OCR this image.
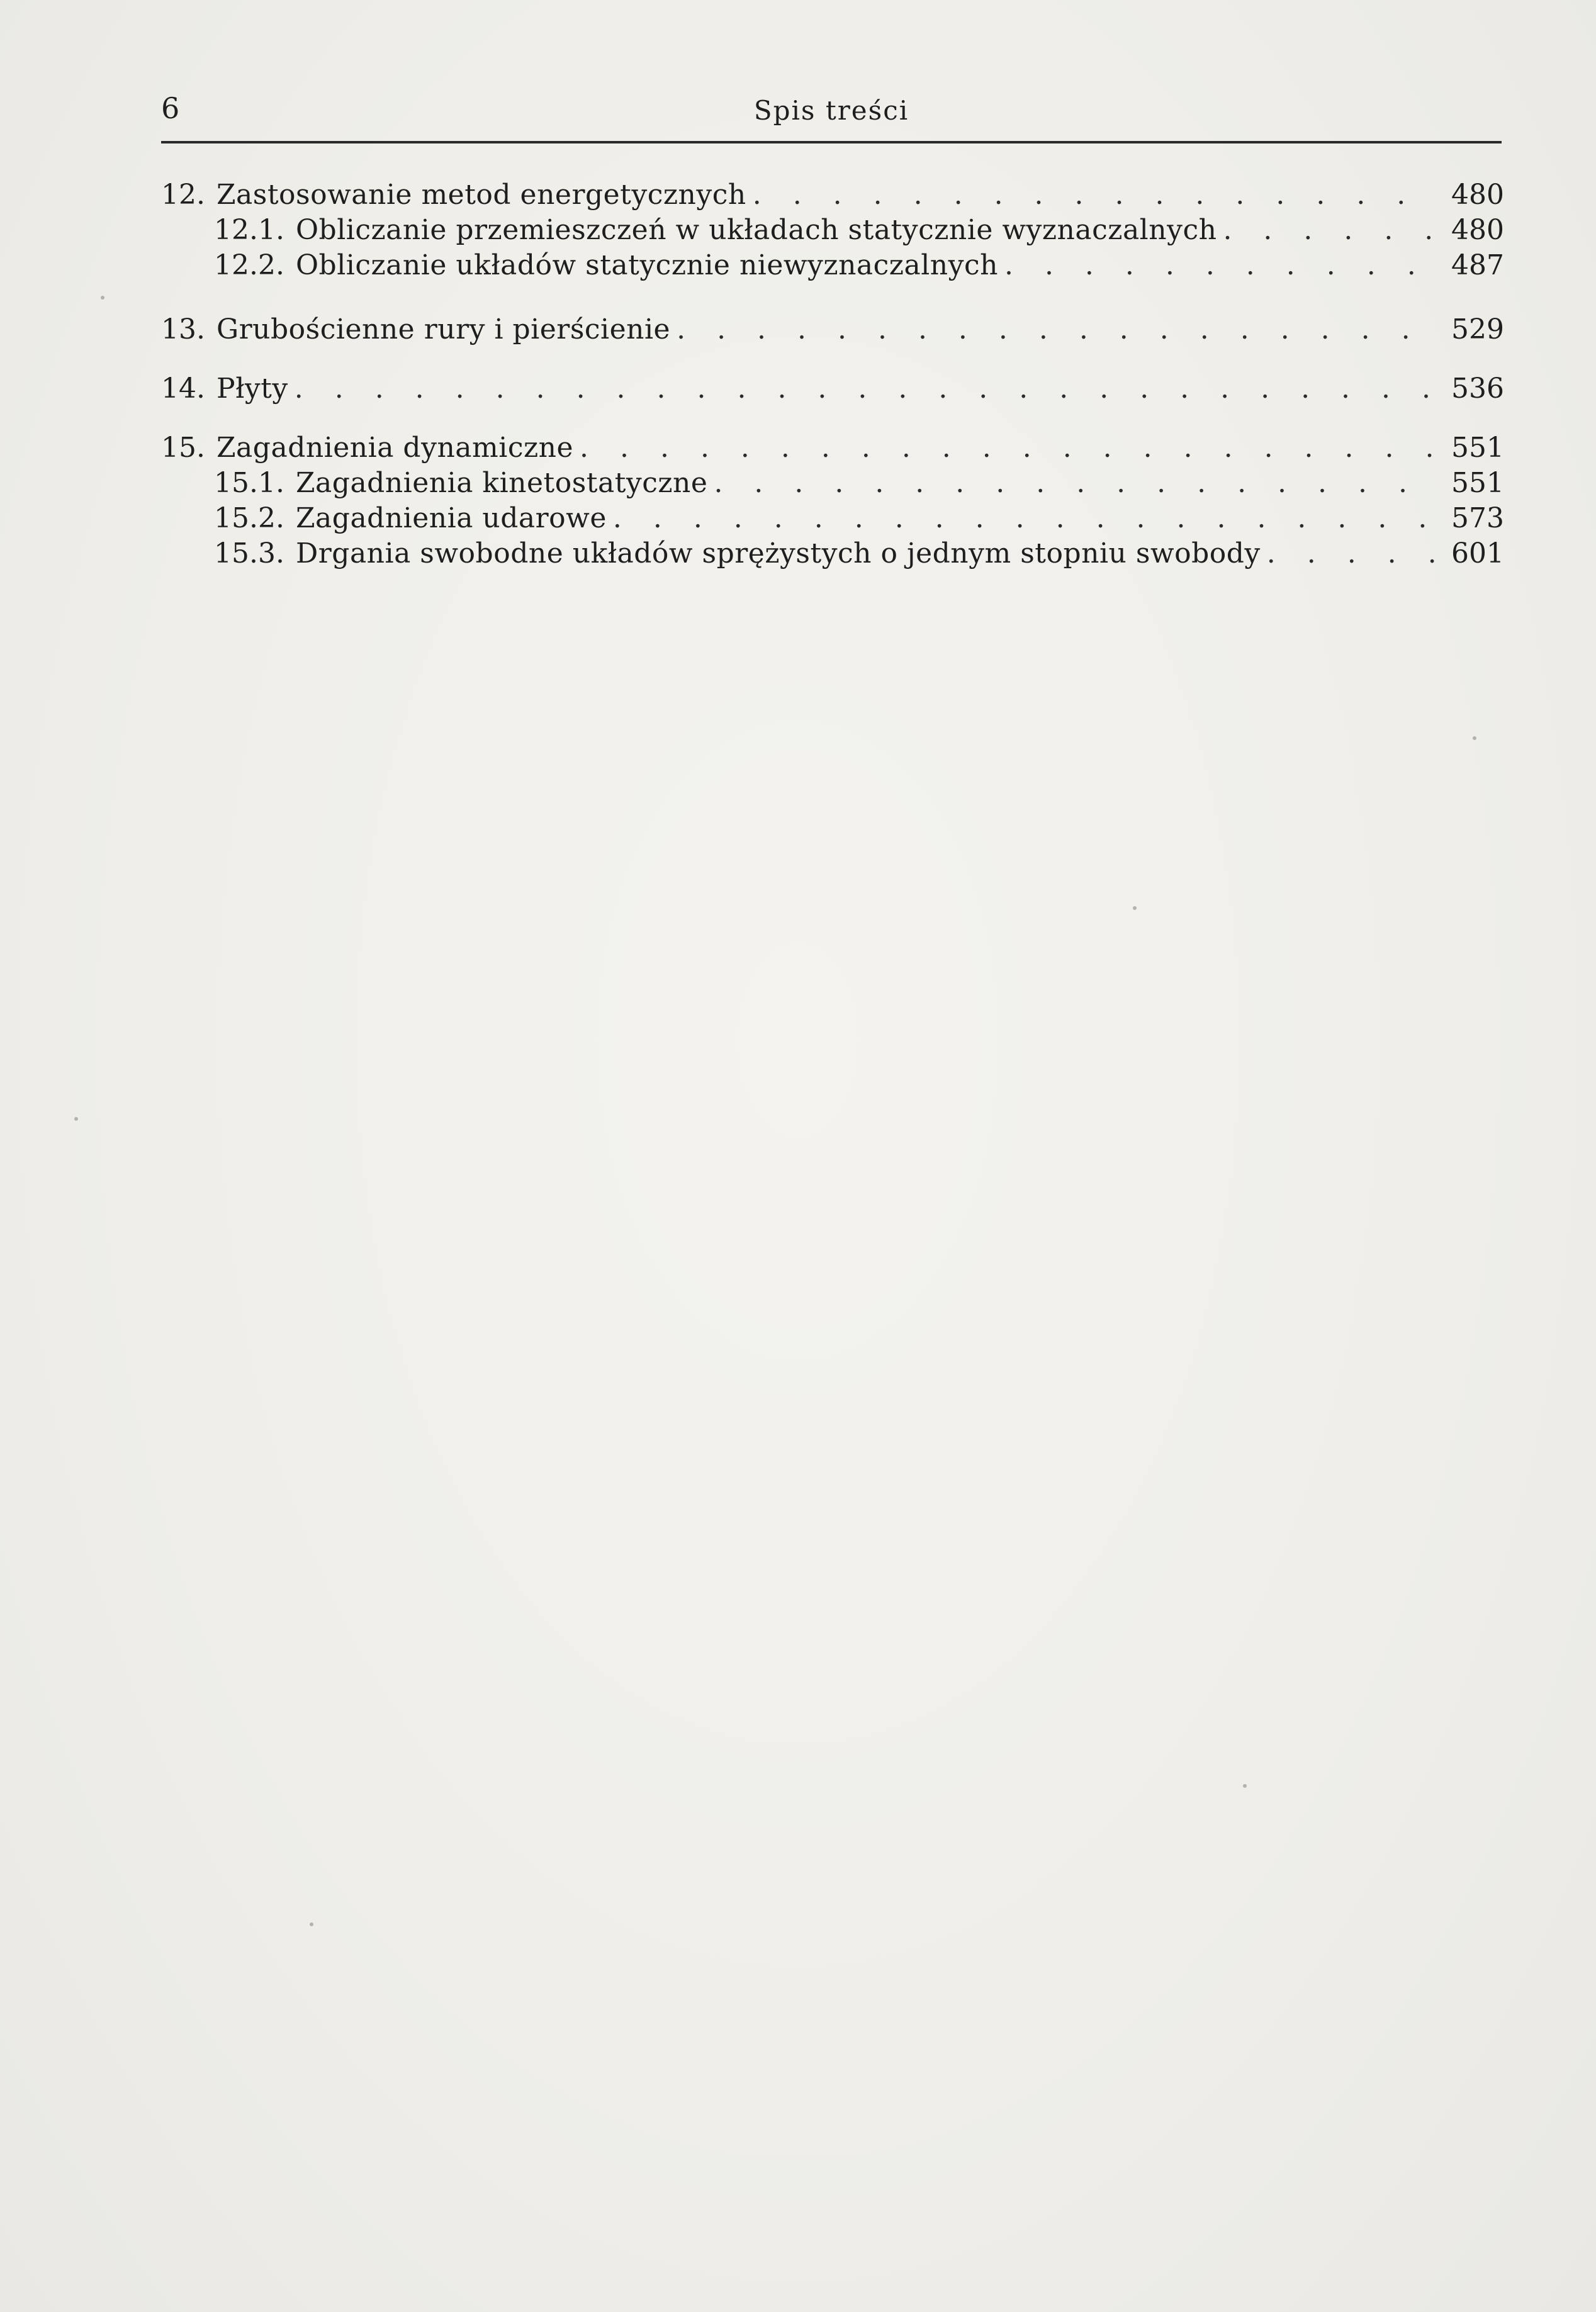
6	Spis treści
12. Zastosowanie metod energetycznych . . .	480
12.1. Obliczanie przemieszczeń w układach statycznie wyznaczalnych . . .	480
12.2. Obliczanie układów statycznie niewyznaczalnych . . .	487
13. Grubościenne rury i pierścienie . . .	529
14. Płyty . . .	536
15. Zagadnienia dynamiczne . . .	551
15.1. Zagadnienia kinetostatyczne . . .	551
15.2. Zagadnienia udarowe . . .	573
15.3. Drgania swobodne układów sprężystych o jednym stopniu swobody . . .	601
